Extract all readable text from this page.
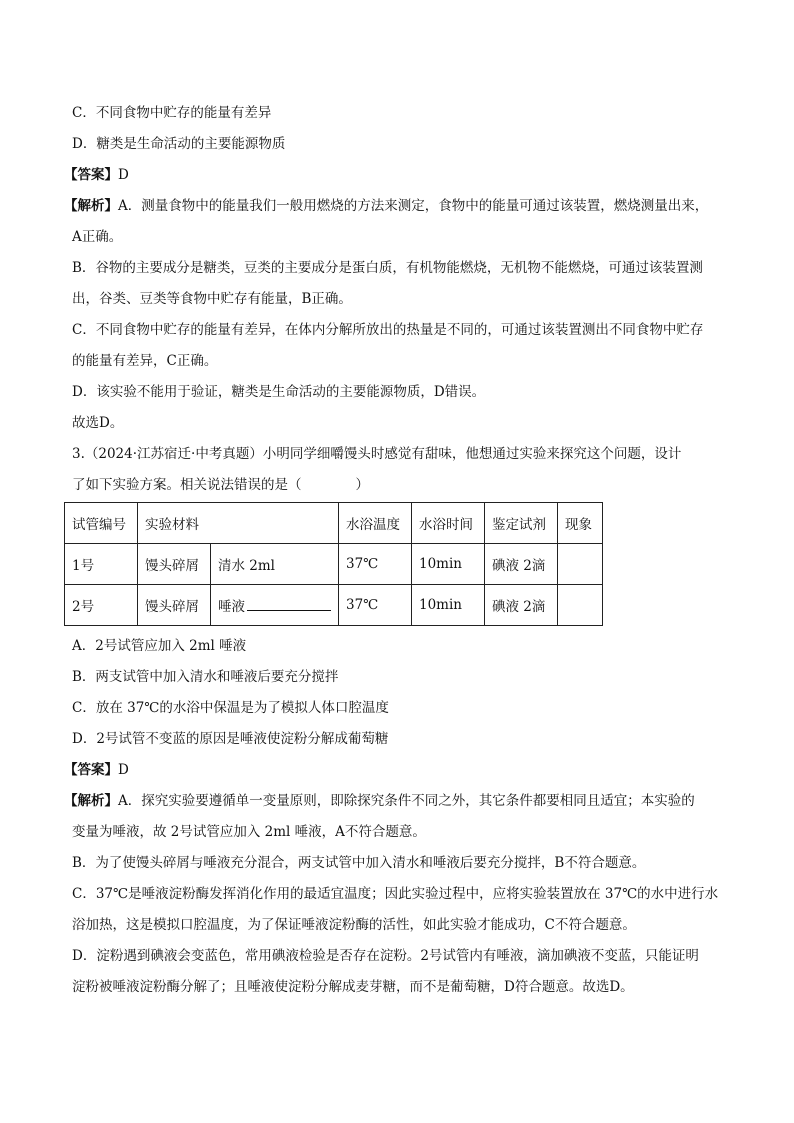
C．不同食物中贮存的能量有差异
D．糖类是生命活动的主要能源物质
【答案】D
【解析】A．测量食物中的能量我们一般用燃烧的方法来测定，食物中的能量可通过该装置，燃烧测量出来，
A正确。
B．谷物的主要成分是糖类，豆类的主要成分是蛋白质，有机物能燃烧，无机物不能燃烧，可通过该装置测
出，谷类、豆类等食物中贮存有能量，B正确。
C．不同食物中贮存的能量有差异，在体内分解所放出的热量是不同的，可通过该装置测出不同食物中贮存
的能量有差异，C正确。
D．该实验不能用于验证，糖类是生命活动的主要能源物质，D错误。
故选D。
3.（2024·江苏宿迁·中考真题）小明同学细嚼馒头时感觉有甜味，他想通过实验来探究这个问题，设计
了如下实验方案。相关说法错误的是（　　　　）
试管编号	实验材料		水浴温度	水浴时间	鉴定试剂	现象
1号	馒头碎屑	清水 2ml	37℃	10min	碘液 2滴	
2号	馒头碎屑	唾液	37℃	10min	碘液 2滴	
A．2号试管应加入 2ml 唾液
B．两支试管中加入清水和唾液后要充分搅拌
C．放在 37℃的水浴中保温是为了模拟人体口腔温度
D．2号试管不变蓝的原因是唾液使淀粉分解成葡萄糖
【答案】D
【解析】A．探究实验要遵循单一变量原则，即除探究条件不同之外，其它条件都要相同且适宜；本实验的
变量为唾液，故 2号试管应加入 2ml 唾液，A不符合题意。
B．为了使馒头碎屑与唾液充分混合，两支试管中加入清水和唾液后要充分搅拌，B不符合题意。
C．37℃是唾液淀粉酶发挥消化作用的最适宜温度；因此实验过程中，应将实验装置放在 37℃的水中进行水
浴加热，这是模拟口腔温度，为了保证唾液淀粉酶的活性，如此实验才能成功，C不符合题意。
D．淀粉遇到碘液会变蓝色，常用碘液检验是否存在淀粉。2号试管内有唾液，滴加碘液不变蓝，只能证明
淀粉被唾液淀粉酶分解了；且唾液使淀粉分解成麦芽糖，而不是葡萄糖，D符合题意。故选D。
